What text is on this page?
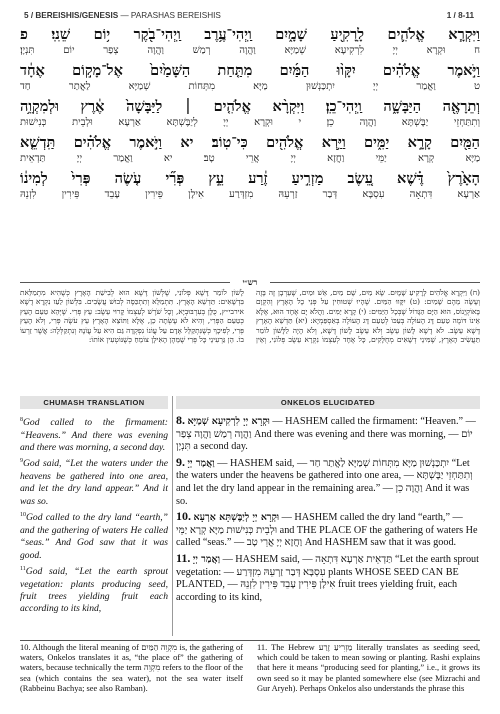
5 / BEREISHIS/GENESIS — PARASHAS BEREISHIS	1 / 8-11
וַיִּקְרָ֧א אֱלֹהִ֛ים לָֽרָקִ֖יעַ שָׁמָ֑יִם וַֽיְהִי־עֶ֥רֶב וַֽיְהִי־בֹ֖קֶר י֥וֹם שֵׁנִֽי׃ פ
ח וּקְרָא יְיָ לִרְקִיעָא שְׁמַיָּא וַהֲוָה רְמַשׁ וַהֲוָה צְפַר יוֹם תִּנְיָן׃
וַיֹּ֣אמֶר אֱלֹהִ֗ים יִקָּו֨וּ הַמַּ֜יִם מִתַּ֤חַת הַשָּׁמַ֙יִם֙ אֶל־מָק֣וֹם אֶחָ֔ד
ט וַאֲמַר יְיָ יִתְכַּנְשׁוּן מַיָּא מִתְּחוֹת שְׁמַיָּא לַאֲתַר חַד
וְתֵרָאֶ֖ה הַיַּבָּשָׁ֑ה וַֽיְהִי־כֵֽן׃ וַיִּקְרָ֨א אֱלֹהִ֤ים ׀ לַיַּבָּשָׁה֙ אֶ֔רֶץ וּלְמִקְוֵ֥ה
וְתִתַּחְזֵי יַבֶּשְׁתָּא וַהֲוָה כֵן׃ י וּקְרָא יְיָ לְיַבֶּשְׁתָּא אַרְעָא וּלְבֵית כְּנִישׁוּת
הַמַּ֖יִם קָרָ֣א יַמִּ֑ים וַיַּ֥רְא אֱלֹהִ֖ים כִּי־טֽוֹב׃ יא וַיֹּ֣אמֶר אֱלֹהִ֗ים תַּֽדְשֵׁ֤א
מַיָּא קְרָא יַמֵּי וַחֲזָא יְיָ אֲרֵי טָב׃ יא וַאֲמַר יְיָ תַּדְאֵית
הָאָ֙רֶץ֙ דֶּ֗שֶׁא עֵ֚שֶׂב מַזְרִ֣יעַ זֶ֔רַע עֵ֣ץ פְּרִ֞י עֹ֤שֶׂה פְּרִי֙ לְמִינ֔וֹ
אַרְעָא דִּתְאָה עִסְבָּא דְּבַר זַרְעֵהּ מִזְדְּרַע אִילָן פֵּירִין עָבֵד פֵּירִין לִזְנֵהּ
רש״י
(ח) וַיִּקְרָא אֱלֹהִים לָרָקִיעַ שָׁמָיִם. שָׂא מַיִם, שָׁם מַיִם, אֵשׁ וּמַיִם, שֶׁעֵרְבָן זֶה בָּזֶה וְעָשָׂה מֵהֶם שָׁמַיִם: (ט) יִקָּווּ הַמַּיִם. שֶׁהָיוּ שְׁטוּחִין עַל פְּנֵי כָל הָאָרֶץ וְהִקְוָם בָּאוֹקְיָנוֹס, הוּא הַיָּם הַגָּדוֹל שֶׁבְּכָל הַיַּמִּים: (י) קָרָא יַמִּים. וַהֲלֹא יָם אֶחָד הוּא, אֶלָּא אֵינוֹ דּוֹמֶה טַעַם דָּג הָעוֹלֶה בְּעַכּוֹ לְטַעַם דָּג הָעוֹלֶה בְּאַסְפַּמְיָא: (יא) תַּדְשֵׁא הָאָרֶץ דֶּשֶׁא עֵשֶׂב. לֹא דֶשֶׁא לָשׁוֹן עֵשֶׂב וְלֹא עֵשֶׂב לָשׁוֹן דֶּשֶׁא, וְלֹא הָיָה לַלָּשׁוֹן לוֹמַר תַּעֲשִׂיב הָאָרֶץ, שֶׁמִּינֵי דְשָׁאִים מְחֻלָּקִים, כָּל אֶחָד לְעַצְמוֹ נִקְרָא עֵשֶׂב פְּלוֹנִי, וְאֵין לָשׁוֹן לוֹמַר דָּשָׁא פְּלוֹנִי, שֶׁלְּשׁוֹן דֶּשֶׁא הוּא לְבִישַׁת הָאָרֶץ כְּשֶׁהִיא מִתְמַלֵּאת בִּדְשָׁאִים: תַּדְשֵׁא הָאָרֶץ. תִּתְמַלֵּא וְתִתְכַּסֶּה לְבוּשׁ עֲשָׂבִים. בִּלְשׁוֹן לַעַז נִקְרָא דֶשֶׁא אירבי״ץ, כֻּלָּן בְּעִרְבּוּבְיָא, וְכָל שֹׁרֶשׁ לְעַצְמוֹ קָרוּי עֵשֶׂב: עֵץ פְּרִי. שֶׁיְּהֵא טַעַם הָעֵץ כְּטַעַם הַפְּרִי, וְהִיא לֹא עָשְׂתָה כֵן, אֶלָּא וַתּוֹצֵא הָאָרֶץ עֵץ עֹשֶׂה פְּרִי, וְלֹא הָעֵץ פְּרִי, לְפִיכָךְ כְּשֶׁנִּתְקַלֵּל אָדָם עַל עֲוֹנוֹ נִפְקְדָה גַּם הִיא עַל עֲוֹנָהּ וְנִתְקַלְּלָה: אֲשֶׁר זַרְעוֹ בוֹ. הֵן גַּרְעִינֵי כָּל פְּרִי שֶׁמֵּהֶן הָאִילָן צוֹמֵחַ כְּשֶׁנּוֹטְעִין אוֹתוֹ:
CHUMASH TRANSLATION	ONKELOS ELUCIDATED

$^8$God called to the firmament: “Heavens.” And there was evening and there was morning, a second day.

$^9$God said, “Let the waters under the heavens be gathered into one area, and let the dry land appear.” And it was so.

$^{10}$God called to the dry land “earth,” and the gathering of waters He called “seas.” And God saw that it was good.

$^{11}$God said, “Let the earth sprout vegetation: plants producing seed, fruit trees yielding fruit each according to its kind,

8. וּקְרָא יְיָ לִרְקִיעָא שְׁמַיָּא — HASHEM called the firmament: “Heaven.” — וַהֲוָה רְמַשׁ וַהֲוָה צְפַר And there was evening and there was morning, — יוֹם תִּנְיָן a second day.
9. וַאֲמַר יְיָ — HASHEM said, — יִתְכַּנְשׁוּן מַיָּא מִתְּחוֹת שְׁמַיָּא לַאֲתַר חַד “Let the waters under the heavens be gathered into one area, — וְתִתַּחְזֵי יַבֶּשְׁתָּא and let the dry land appear in the remaining area.” — וַהֲוָה כֵן And it was so.
10. וּקְרָא יְיָ לְיַבֶּשְׁתָּא אַרְעָא — HASHEM called the dry land “earth,” — וּלְבֵית כְּנִישׁוּת מַיָּא קְרָא יַמֵּי and THE PLACE OF the gathering of waters He called “seas.” — וַחֲזָא יְיָ אֲרֵי טָב And HASHEM saw that it was good.
11. וַאֲמַר יְיָ — HASHEM said, — תַּדְאֵית אַרְעָא דִּתְאָה “Let the earth sprout vegetation: — עִסְבָּא דְּבַר זַרְעֵהּ מִזְדְּרַע plants WHOSE SEED CAN BE PLANTED, — אִילָן פֵּירִין עָבֵד פֵּירִין לִזְנֵהּ fruit trees yielding fruit, each according to its kind,
10. Although the literal meaning of מִקְוֵה הַמַּיִם is, the gathering of waters, Onkelos translates it as, “the place of” the gathering of waters, because technically the term מִקְוֵה refers to the floor of the sea (which contains the sea water), not the sea water itself (Rabbeinu Bachya; see also Ramban).
11. The Hebrew מַזְרִיעַ זֶרַע literally translates as seeding seed, which could be taken to mean sowing or planting. Rashi explains that here it means “producing seed for planting,” i.e., it grows its own seed so it may be planted somewhere else (see Mizrachi and Gur Aryeh). Perhaps Onkelos also understands the phrase this
